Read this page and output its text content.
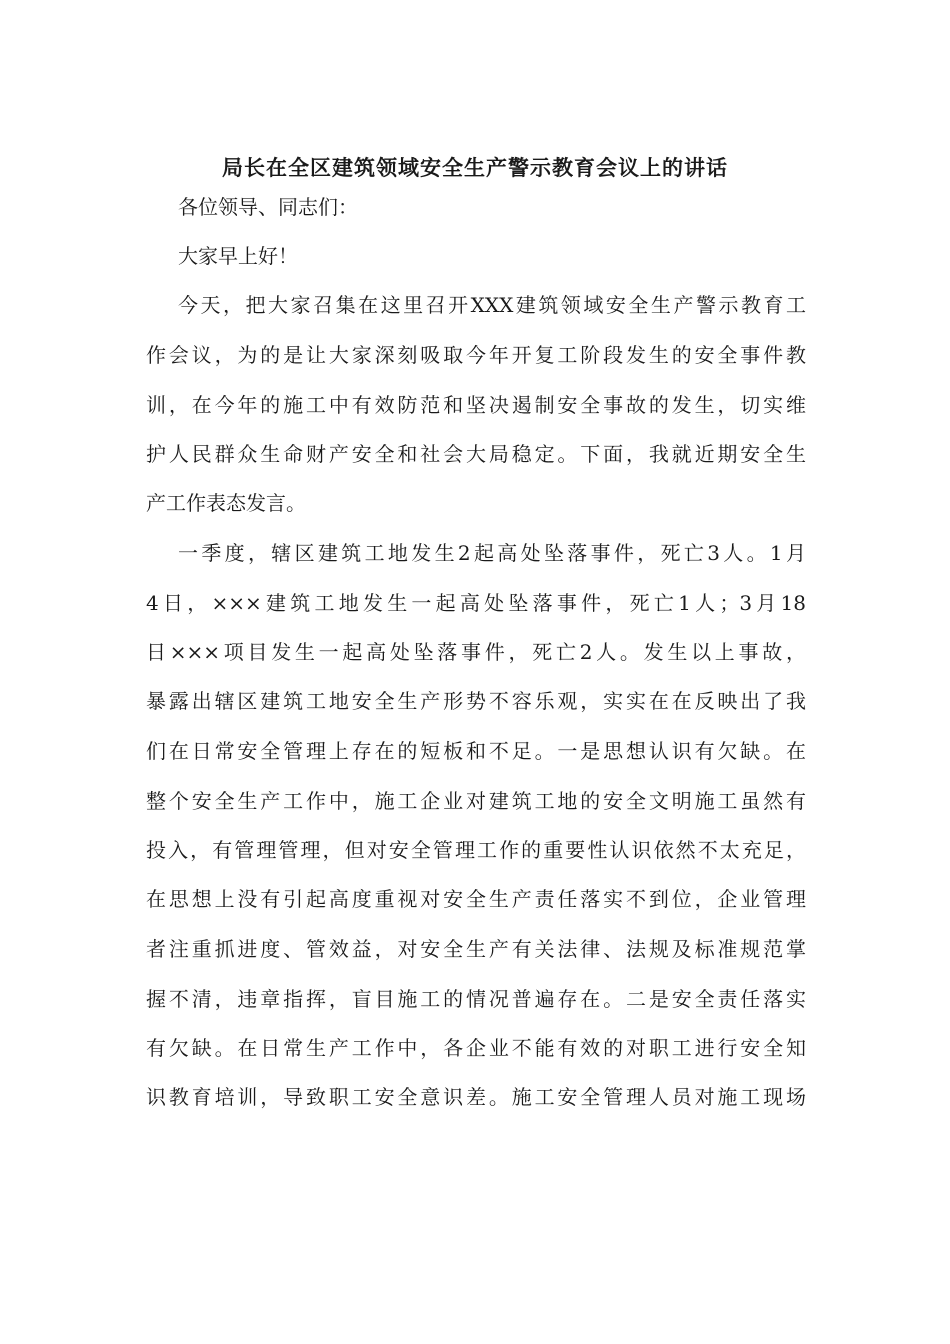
局长在全区建筑领域安全生产警示教育会议上的讲话
各位领导、同志们：
大家早上好！
今天，把大家召集在这里召开XXX建筑领域安全生产警示教育工
作会议，为的是让大家深刻吸取今年开复工阶段发生的安全事件教
训，在今年的施工中有效防范和坚决遏制安全事故的发生，切实维
护人民群众生命财产安全和社会大局稳定。下面，我就近期安全生
产工作表态发言。
一季度，辖区建筑工地发生2起高处坠落事件，死亡3人。1月
4日，×××建筑工地发生一起高处坠落事件，死亡1人；3月18
日×××项目发生一起高处坠落事件，死亡2人。发生以上事故，
暴露出辖区建筑工地安全生产形势不容乐观，实实在在反映出了我
们在日常安全管理上存在的短板和不足。一是思想认识有欠缺。在
整个安全生产工作中，施工企业对建筑工地的安全文明施工虽然有
投入，有管理管理，但对安全管理工作的重要性认识依然不太充足，
在思想上没有引起高度重视对安全生产责任落实不到位，企业管理
者注重抓进度、管效益，对安全生产有关法律、法规及标准规范掌
握不清，违章指挥，盲目施工的情况普遍存在。二是安全责任落实
有欠缺。在日常生产工作中，各企业不能有效的对职工进行安全知
识教育培训，导致职工安全意识差。施工安全管理人员对施工现场
